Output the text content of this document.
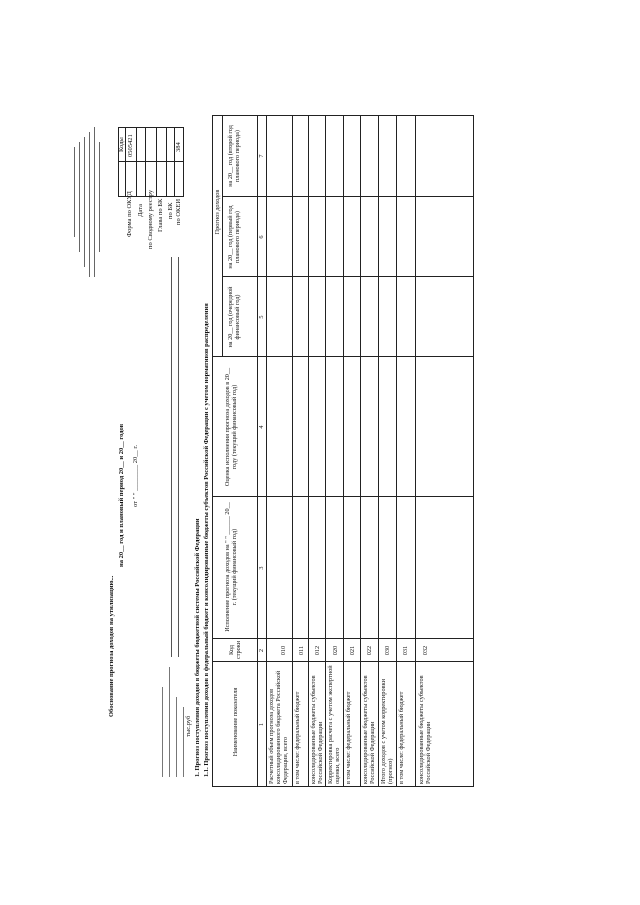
Обоснование прогноза доходов на утилизацию...
на 20__ год и плановый период 20__ и 20__ годов от " " ________ 20__ г.
Коды
Форма по ОКУД
0505421
Дата по Сводному реестру Глава по БК по БК по ОКЕИ
384
тыс.руб 1. Прогноз поступления доходов в бюджеты бюджетной системы Российской Федерации 1.1. Прогноз поступления доходов в федеральный бюджет и консолидированные бюджеты субъектов Российской Федерации с учетом нормативов распределения	Наименование показателя
Код строки
Исполнение прогноза доходов на " " ______ 20__ г. (текущий финансовый год)
Оценка исполнения прогноза доходов в 20__ году (текущий финансовый год)
Прогноз доходов
на 20__ год (очередной финансовый год)
на 20__ год (первый год планового периода)
на 20__ год (второй год планового периода)
1
2
3
4
5
6
7
Расчетный объем прогноза доходов консолидированного бюджета Российской Федерации, всего
010
в том числе: федеральный бюджет
011
консолидированные бюджеты субъектов Российской Федерации
012
Корректировка расчета с учетом экспертной оценки, всего
020
в том числе: федеральный бюджет
021
консолидированные бюджеты субъектов Российской Федерации
022
Итого доходов с учетом корректировки (прогноз)
030
в том числе: федеральный бюджет
031
консолидированные бюджеты субъектов Российской Федерации
032
